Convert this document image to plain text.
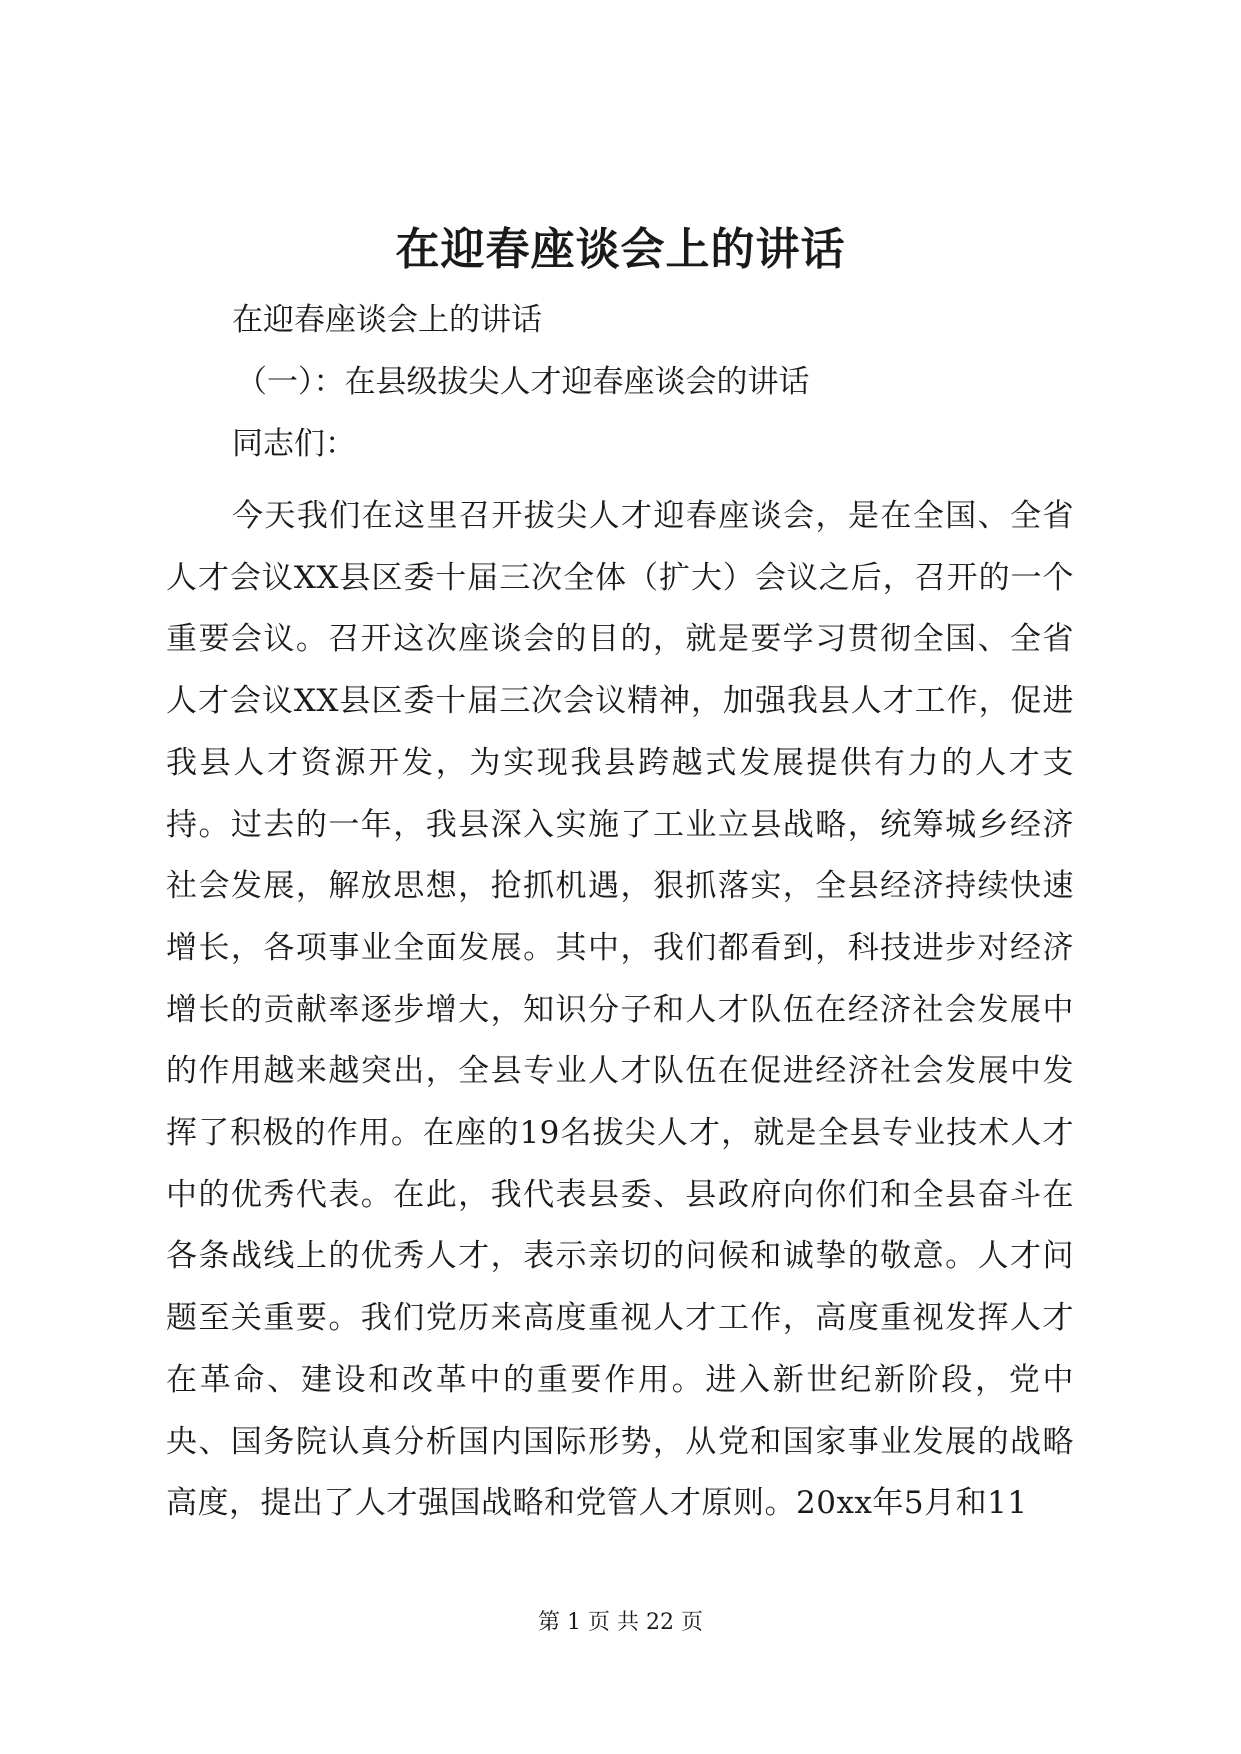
在迎春座谈会上的讲话
在迎春座谈会上的讲话
（一）：在县级拔尖人才迎春座谈会的讲话
同志们：

今天我们在这里召开拔尖人才迎春座谈会，是在全国、全省人才会议XX县区委十届三次全体（扩大）会议之后，召开的一个重要会议。召开这次座谈会的目的，就是要学习贯彻全国、全省人才会议XX县区委十届三次会议精神，加强我县人才工作，促进我县人才资源开发，为实现我县跨越式发展提供有力的人才支持。过去的一年，我县深入实施了工业立县战略，统筹城乡经济社会发展，解放思想，抢抓机遇，狠抓落实，全县经济持续快速增长，各项事业全面发展。其中，我们都看到，科技进步对经济增长的贡献率逐步增大，知识分子和人才队伍在经济社会发展中的作用越来越突出，全县专业人才队伍在促进经济社会发展中发挥了积极的作用。在座的19名拔尖人才，就是全县专业技术人才中的优秀代表。在此，我代表县委、县政府向你们和全县奋斗在各条战线上的优秀人才，表示亲切的问候和诚挚的敬意。人才问题至关重要。我们党历来高度重视人才工作，高度重视发挥人才在革命、建设和改革中的重要作用。进入新世纪新阶段，党中央、国务院认真分析国内国际形势，从党和国家事业发展的战略高度，提出了人才强国战略和党管人才原则。20xx年5月和11

第 1 页 共 22 页
